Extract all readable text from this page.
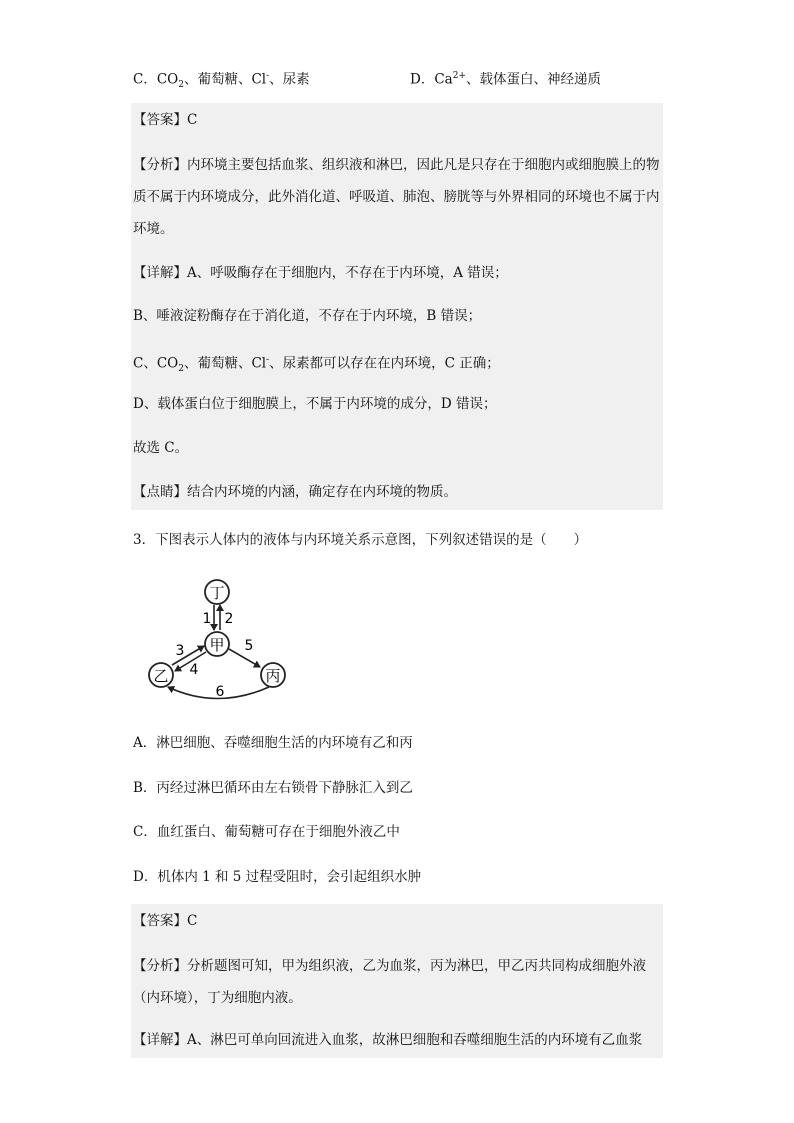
C．$CO_2$、葡萄糖、Cl-、尿素	D．$Ca^{2+}$、载体蛋白、神经递质
【答案】C
【分析】内环境主要包括血浆、组织液和淋巴，因此凡是只存在于细胞内或细胞膜上的物质不属于内环境成分，此外消化道、呼吸道、肺泡、膀胱等与外界相同的环境也不属于内环境。
【详解】A、呼吸酶存在于细胞内，不存在于内环境，A 错误；
B、唾液淀粉酶存在于消化道，不存在于内环境，B 错误；
C、$CO_2$、葡萄糖、Cl-、尿素都可以存在在内环境，C 正确；
D、载体蛋白位于细胞膜上，不属于内环境的成分，D 错误；
故选 C。
【点睛】结合内环境的内涵，确定存在内环境的物质。
3．下图表示人体内的液体与内环境关系示意图，下列叙述错误的是（　　）
丁
甲
乙	丙
1 2
3
4
5
6
A．淋巴细胞、吞噬细胞生活的内环境有乙和丙
B．丙经过淋巴循环由左右锁骨下静脉汇入到乙
C．血红蛋白、葡萄糖可存在于细胞外液乙中
D．机体内 1 和 5 过程受阻时，会引起组织水肿
【答案】C
【分析】分析题图可知，甲为组织液，乙为血浆，丙为淋巴，甲乙丙共同构成细胞外液（内环境），丁为细胞内液。
【详解】A、淋巴可单向回流进入血浆，故淋巴细胞和吞噬细胞生活的内环境有乙血浆
